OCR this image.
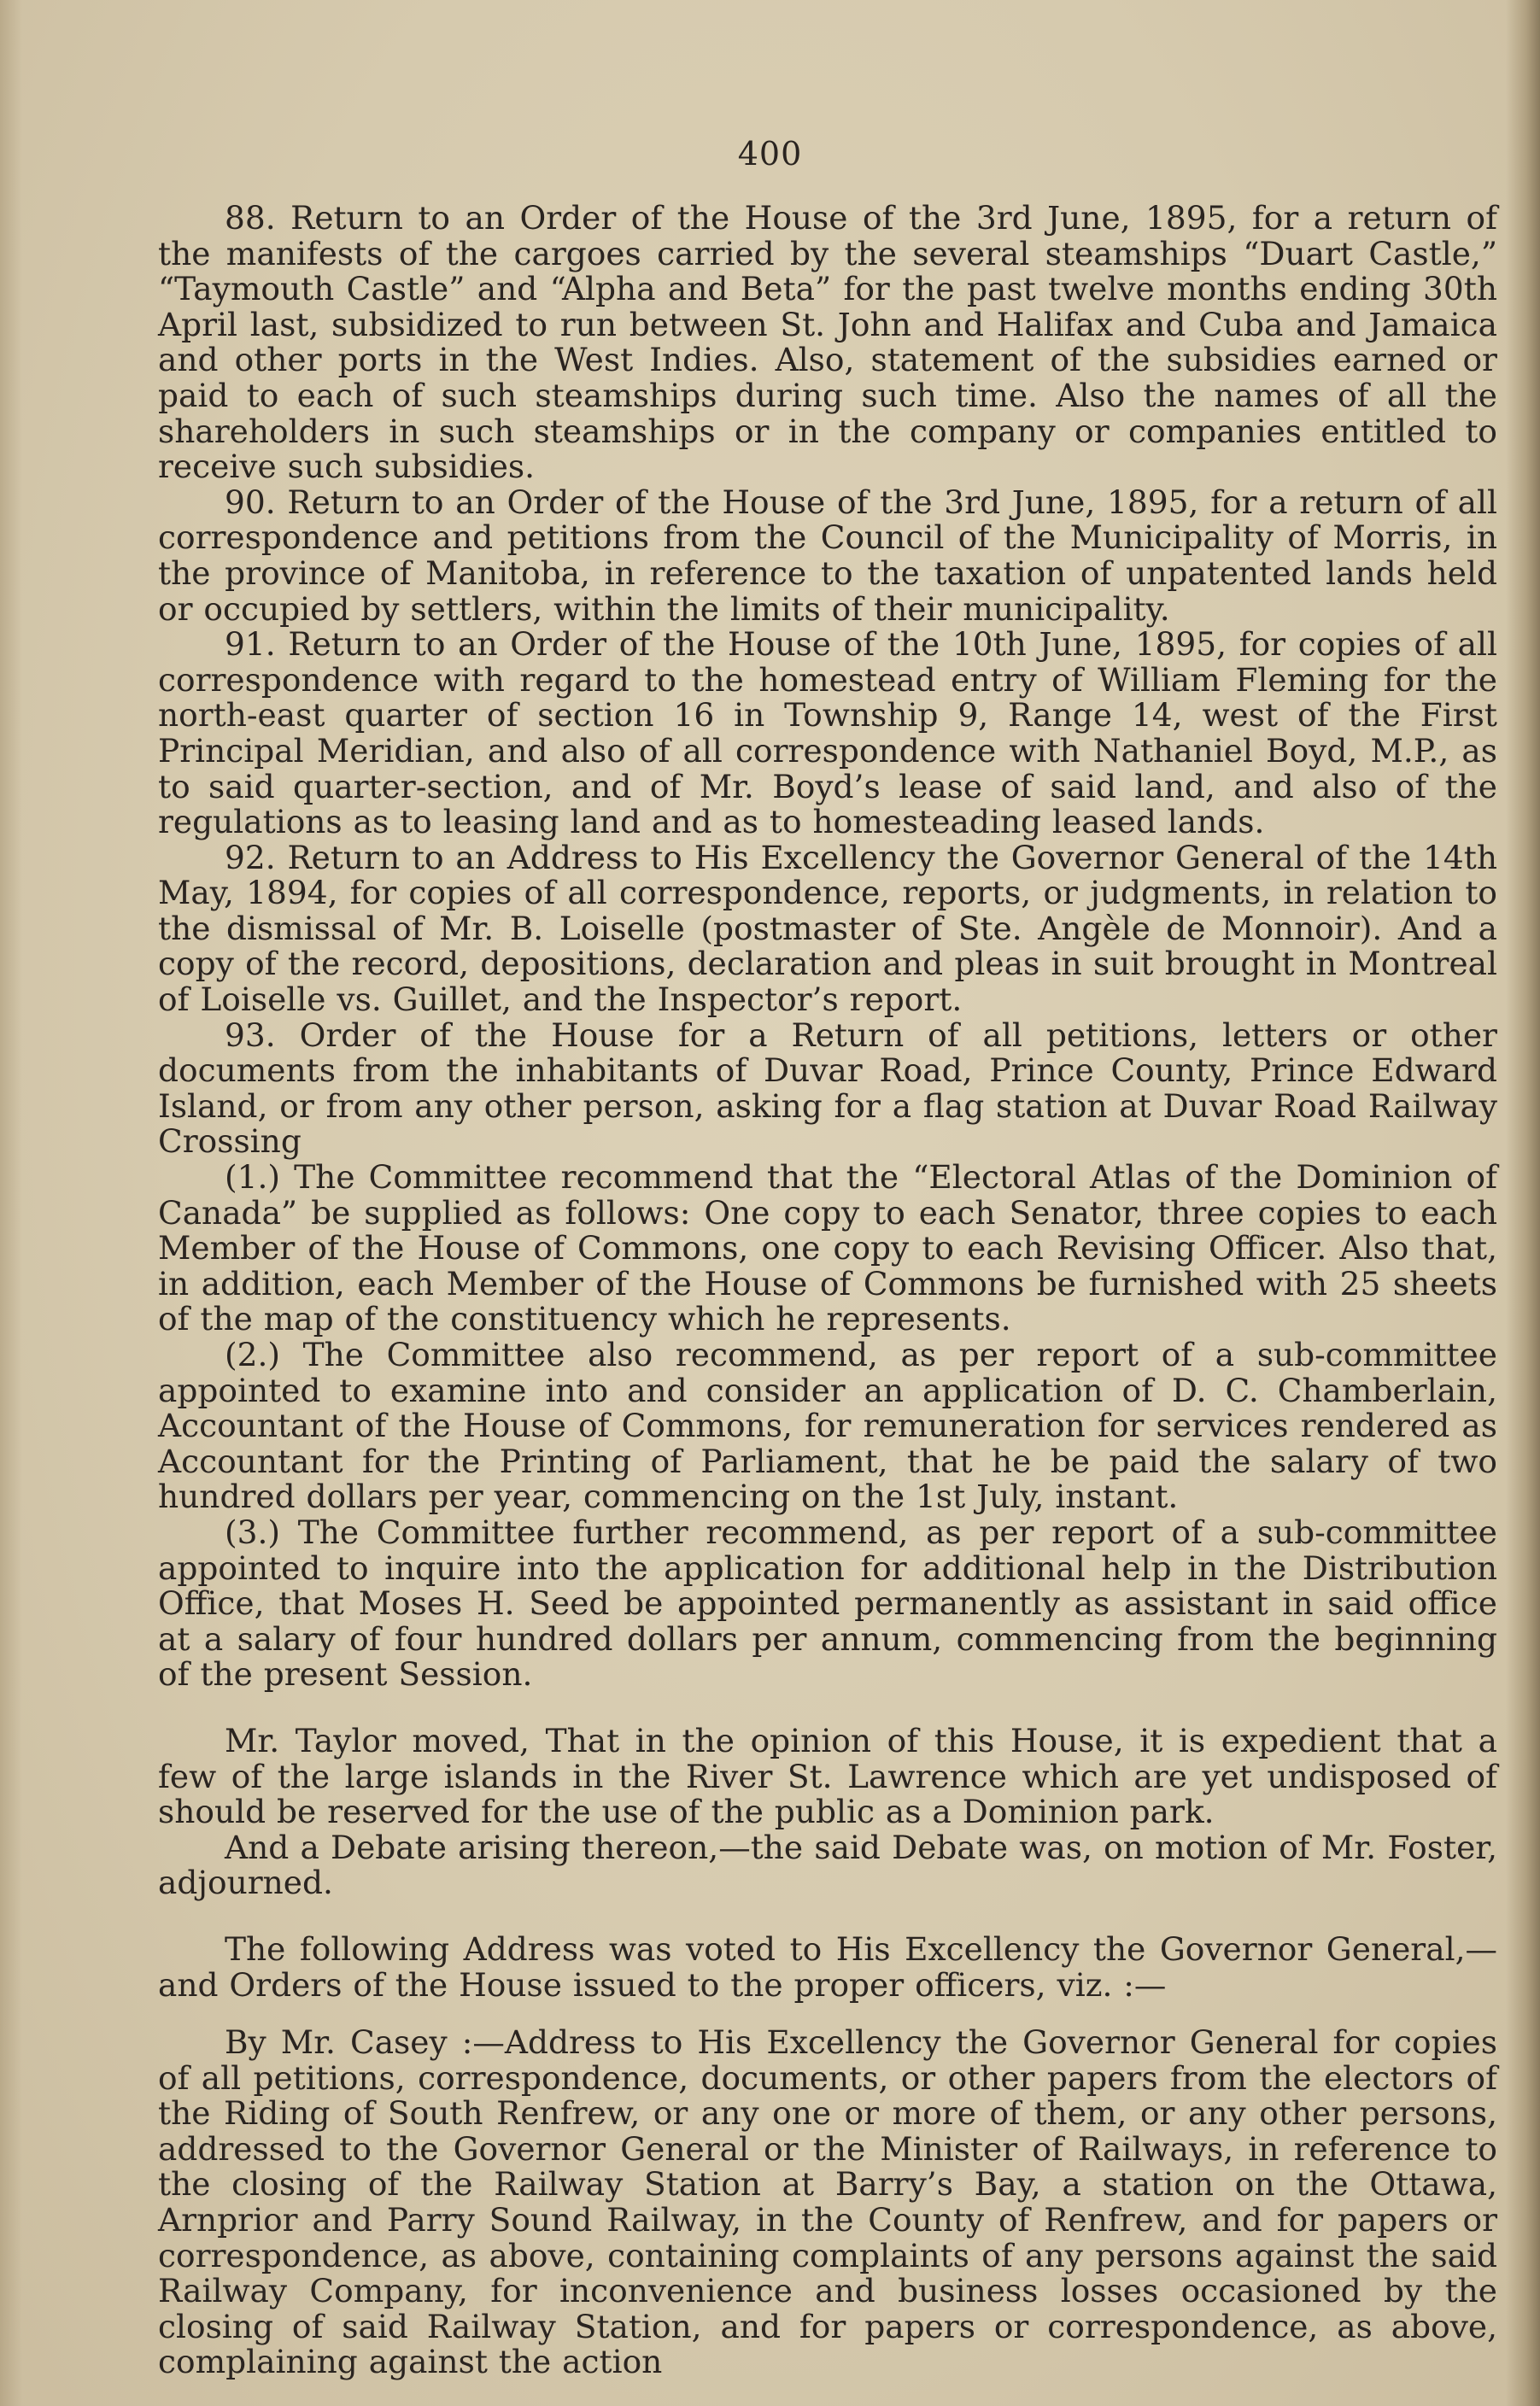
400

88. Return to an Order of the House of the 3rd June, 1895, for a return of the manifests of the cargoes carried by the several steamships “Duart Castle,” “Taymouth Castle” and “Alpha and Beta” for the past twelve months ending 30th April last, subsidized to run between St. John and Halifax and Cuba and Jamaica and other ports in the West Indies. Also, statement of the subsidies earned or paid to each of such steamships during such time. Also the names of all the shareholders in such steamships or in the company or companies entitled to receive such subsidies.

90. Return to an Order of the House of the 3rd June, 1895, for a return of all correspondence and petitions from the Council of the Municipality of Morris, in the province of Manitoba, in reference to the taxation of unpatented lands held or occupied by settlers, within the limits of their municipality.

91. Return to an Order of the House of the 10th June, 1895, for copies of all correspondence with regard to the homestead entry of William Fleming for the north-east quarter of section 16 in Township 9, Range 14, west of the First Principal Meridian, and also of all correspondence with Nathaniel Boyd, M.P., as to said quarter-section, and of Mr. Boyd’s lease of said land, and also of the regulations as to leasing land and as to homesteading leased lands.

92. Return to an Address to His Excellency the Governor General of the 14th May, 1894, for copies of all correspondence, reports, or judgments, in relation to the dismissal of Mr. B. Loiselle (postmaster of Ste. Angèle de Monnoir). And a copy of the record, depositions, declaration and pleas in suit brought in Montreal of Loiselle vs. Guillet, and the Inspector’s report.

93. Order of the House for a Return of all petitions, letters or other documents from the inhabitants of Duvar Road, Prince County, Prince Edward Island, or from any other person, asking for a flag station at Duvar Road Railway Crossing

(1.) The Committee recommend that the “Electoral Atlas of the Dominion of Canada” be supplied as follows: One copy to each Senator, three copies to each Member of the House of Commons, one copy to each Revising Officer. Also that, in addition, each Member of the House of Commons be furnished with 25 sheets of the map of the constituency which he represents.

(2.) The Committee also recommend, as per report of a sub-committee appointed to examine into and consider an application of D. C. Chamberlain, Accountant of the House of Commons, for remuneration for services rendered as Accountant for the Printing of Parliament, that he be paid the salary of two hundred dollars per year, commencing on the 1st July, instant.

(3.) The Committee further recommend, as per report of a sub-committee appointed to inquire into the application for additional help in the Distribution Office, that Moses H. Seed be appointed permanently as assistant in said office at a salary of four hundred dollars per annum, commencing from the beginning of the present Session.

Mr. Taylor moved, That in the opinion of this House, it is expedient that a few of the large islands in the River St. Lawrence which are yet undisposed of should be reserved for the use of the public as a Dominion park.

And a Debate arising thereon,—the said Debate was, on motion of Mr. Foster, adjourned.

The following Address was voted to His Excellency the Governor General,—and Orders of the House issued to the proper officers, viz. :—

By Mr. Casey :—Address to His Excellency the Governor General for copies of all petitions, correspondence, documents, or other papers from the electors of the Riding of South Renfrew, or any one or more of them, or any other persons, addressed to the Governor General or the Minister of Railways, in reference to the closing of the Railway Station at Barry’s Bay, a station on the Ottawa, Arnprior and Parry Sound Railway, in the County of Renfrew, and for papers or correspondence, as above, containing complaints of any persons against the said Railway Company, for inconvenience and business losses occasioned by the closing of said Railway Station, and for papers or correspondence, as above, complaining against the action
